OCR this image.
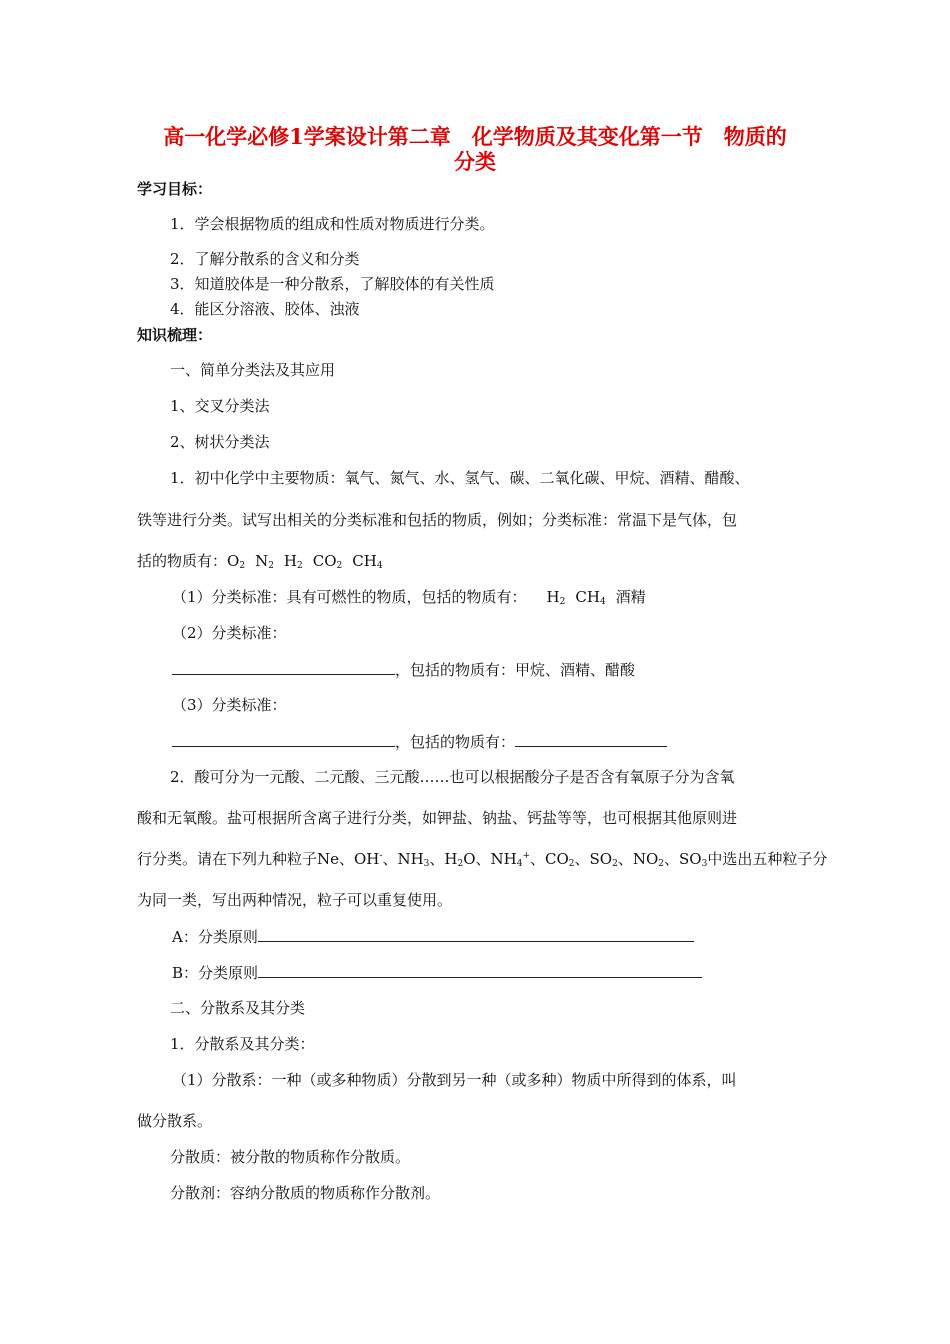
高一化学必修1学案设计第二章　化学物质及其变化第一节　物质的
分类
学习目标：
1．学会根据物质的组成和性质对物质进行分类。
2．了解分散系的含义和分类
3．知道胶体是一种分散系，了解胶体的有关性质
4．能区分溶液、胶体、浊液
知识梳理：
一、简单分类法及其应用
1、交叉分类法
2、树状分类法
1．初中化学中主要物质：氧气、氮气、水、氢气、碳、二氧化碳、甲烷、酒精、醋酸、
铁等进行分类。试写出相关的分类标准和包括的物质，例如；分类标准：常温下是气体，包
括的物质有：$O_2$ $N_2$ $H_2$ $CO_2$ $CH_4$
（1）分类标准：具有可燃性的物质，包括的物质有： $H_2$ $CH_4$ 酒精
（2）分类标准：
，包括的物质有：甲烷、酒精、醋酸
（3）分类标准：
，包括的物质有：
2．酸可分为一元酸、二元酸、三元酸……也可以根据酸分子是否含有氧原子分为含氧
酸和无氧酸。盐可根据所含离子进行分类，如钾盐、钠盐、钙盐等等，也可根据其他原则进
行分类。请在下列九种粒子Ne、OH-、$NH_3$、$H_2O$、$NH_4^+$、$CO_2$、$SO_2$、$NO_2$、$SO_3$中选出五种粒子分
为同一类，写出两种情况，粒子可以重复使用。
A：分类原则
B：分类原则
二、分散系及其分类
1．分散系及其分类：
（1）分散系：一种（或多种物质）分散到另一种（或多种）物质中所得到的体系，叫
做分散系。
分散质：被分散的物质称作分散质。
分散剂：容纳分散质的物质称作分散剂。
